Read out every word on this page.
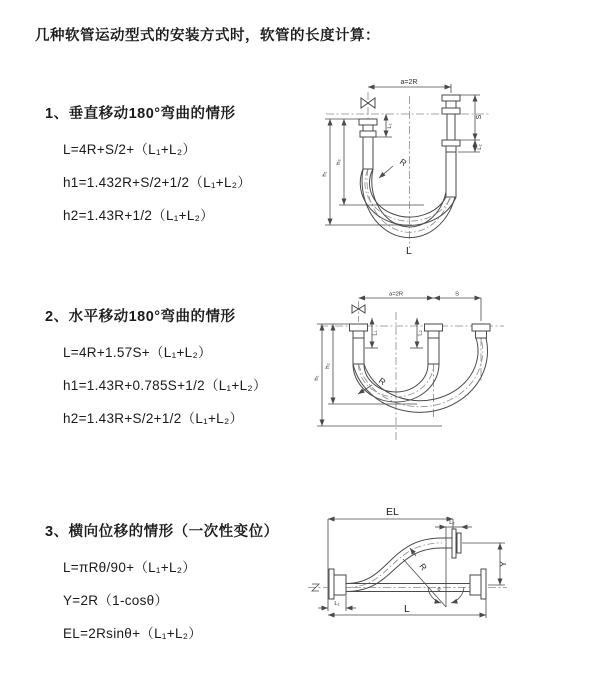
几种软管运动型式的安装方式时，软管的长度计算：
1、垂直移动180°弯曲的情形
L=4R+S/2+（L₁+L₂）
h1=1.432R+S/2+1/2（L₁+L₂）
h2=1.43R+1/2（L₁+L₂）
2、水平移动180°弯曲的情形
L=4R+1.57S+（L₁+L₂）
h1=1.43R+0.785S+1/2（L₁+L₂）
h2=1.43R+S/2+1/2（L₁+L₂）
3、横向位移的情形（一次性变位）
L=πRθ/90+（L₁+L₂）
Y=2R（1-cosθ）
EL=2Rsinθ+（L₁+L₂）
a=2R
S
L₂
L₁
h₁
h₂	R
L
a=2R	S
L₁	L₂
h₁
h₂
R
EL
L₂
Y
L
L₁
θ
R
